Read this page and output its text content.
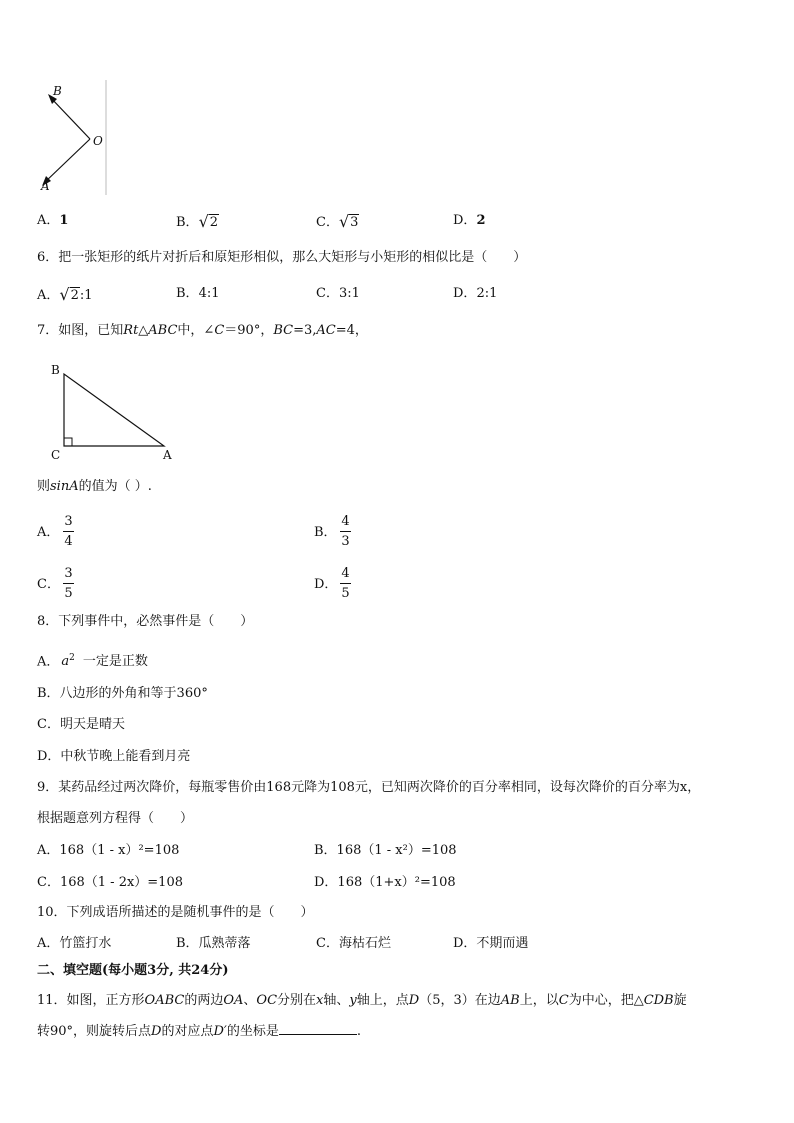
B
O
A
A．1	B．√2	C．√3	D．2
6．把一张矩形的纸片对折后和原矩形相似，那么大矩形与小矩形的相似比是（　　）
A．√2:1	B．4:1	C．3:1	D．2:1
7．如图，已知Rt△ABC中，∠C＝90°，BC=3,AC=4，
B
C	A
则sinA的值为（ ）.
A．
3
4
B．
4
3
C．
3
5
D．
4
5
8．下列事件中，必然事件是（　　）
A． $a^2$ 一定是正数
B．八边形的外角和等于360°
C．明天是晴天
D．中秋节晚上能看到月亮
9．某药品经过两次降价，每瓶零售价由168元降为108元，已知两次降价的百分率相同，设每次降价的百分率为x，
根据题意列方程得（　　）
A．168（1 - x）²=108	B．168（1 - x²）=108
C．168（1 - 2x）=108	D．168（1+x）²=108
10．下列成语所描述的是随机事件的是（　　）
A．竹篮打水	B．瓜熟蒂落	C．海枯石烂	D．不期而遇
二、填空题(每小题3分, 共24分)
11．如图，正方形OABC的两边OA、OC分别在x轴、y轴上，点D（5，3）在边AB上，以C为中心，把△CDB旋
转90°，则旋转后点D的对应点D′的坐标是	.
